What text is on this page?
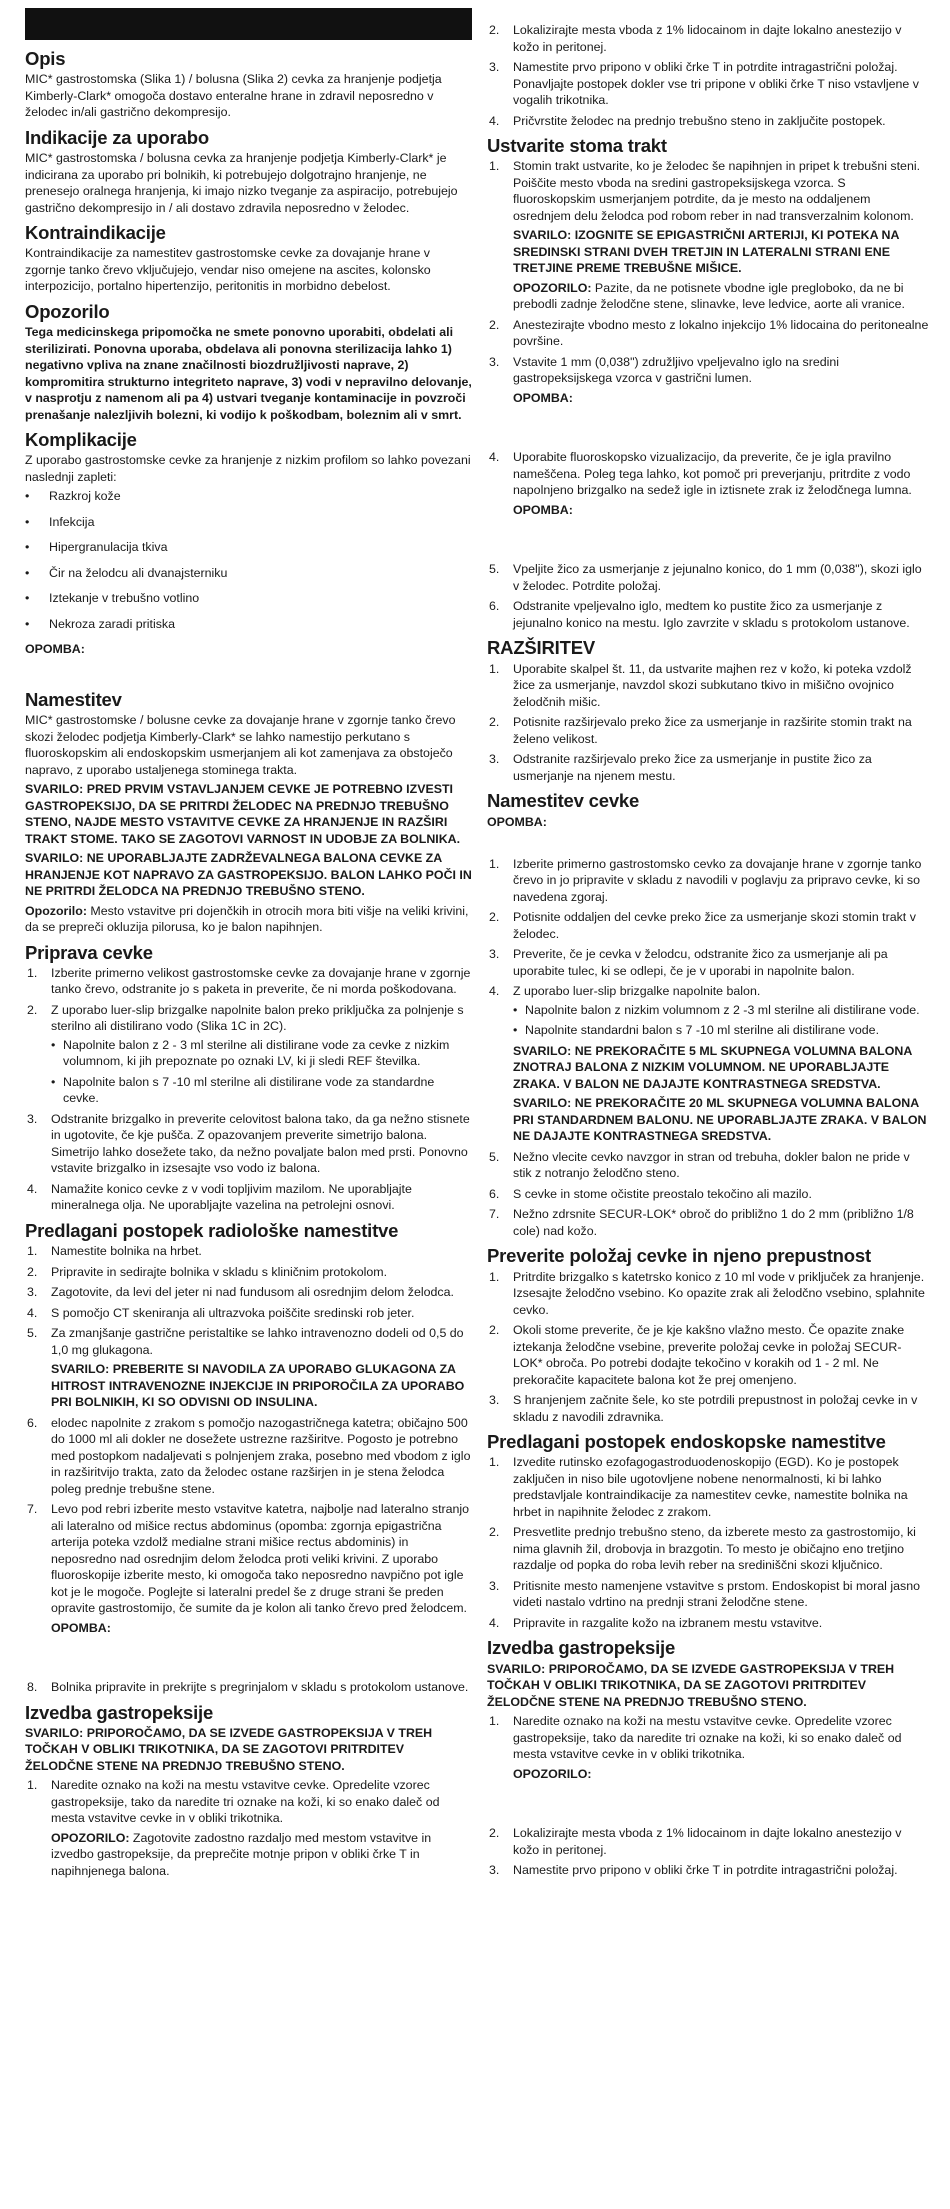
Opis

MIC* gastrostomska (Slika 1) / bolusna (Slika 2) cevka za hranjenje podjetja Kimberly-Clark* omogoča dostavo enteralne hrane in zdravil neposredno v želodec in/ali gastrično dekompresijo.

Indikacije za uporabo

MIC* gastrostomska / bolusna cevka za hranjenje podjetja Kimberly-Clark* je indicirana za uporabo pri bolnikih, ki potrebujejo dolgotrajno hranjenje, ne prenesejo oralnega hranjenja, ki imajo nizko tveganje za aspiracijo, potrebujejo gastrično dekompresijo in / ali dostavo zdravila neposredno v želodec.

Kontraindikacije

Kontraindikacije za namestitev gastrostomske cevke za dovajanje hrane v zgornje tanko črevo vključujejo, vendar niso omejene na ascites, kolonsko interpozicijo, portalno hipertenzijo, peritonitis in morbidno debelost.

Opozorilo

Tega medicinskega pripomočka ne smete ponovno uporabiti, obdelati ali sterilizirati. Ponovna uporaba, obdelava ali ponovna sterilizacija lahko 1) negativno vpliva na znane značilnosti biozdružljivosti naprave, 2) kompromitira strukturno integriteto naprave, 3) vodi v nepravilno delovanje, v nasprotju z namenom ali pa 4) ustvari tveganje kontaminacije in povzroči prenašanje nalezljivih bolezni, ki vodijo k poškodbam, boleznim ali v smrt.

Komplikacije

Z uporabo gastrostomske cevke za hranjenje z nizkim profilom so lahko povezani naslednji zapleti:

• Razkroj kože
• Infekcija
• Hipergranulacija tkiva
• Čir na želodcu ali dvanajsterniku
• Iztekanje v trebušno votlino
• Nekroza zaradi pritiska
OPOMBA:
Namestitev

MIC* gastrostomske / bolusne cevke za dovajanje hrane v zgornje tanko črevo skozi želodec podjetja Kimberly-Clark* se lahko namestijo perkutano s fluoroskopskim ali endoskopskim usmerjanjem ali kot zamenjava za obstoječo napravo, z uporabo ustaljenega stominega trakta.

SVARILO: PRED PRVIM VSTAVLJANJEM CEVKE JE POTREBNO IZVESTI GASTROPEKSIJO, DA SE PRITRDI ŽELODEC NA PREDNJO TREBUŠNO STENO, NAJDE MESTO VSTAVITVE CEVKE ZA HRANJENJE IN RAZŠIRI TRAKT STOME. TAKO SE ZAGOTOVI VARNOST IN UDOBJE ZA BOLNIKA.

SVARILO: NE UPORABLJAJTE ZADRŽEVALNEGA BALONA CEVKE ZA HRANJENJE KOT NAPRAVO ZA GASTROPEKSIJO. BALON LAHKO POČI IN NE PRITRDI ŽELODCA NA PREDNJO TREBUŠNO STENO.

Opozorilo: Mesto vstavitve pri dojenčkih in otrocih mora biti višje na veliki krivini, da se prepreči okluzija pilorusa, ko je balon napihnjen.

Priprava cevke
1. Izberite primerno velikost gastrostomske cevke za dovajanje hrane v zgornje tanko črevo, odstranite jo s paketa in preverite, če ni morda poškodovana.
2. Z uporabo luer-slip brizgalke napolnite balon preko priključka za polnjenje s sterilno ali distilirano vodo (Slika 1C in 2C).
• Napolnite balon z 2 - 3 ml sterilne ali distilirane vode za cevke z nizkim volumnom, ki jih prepoznate po oznaki LV, ki ji sledi REF številka.
• Napolnite balon s 7 -10 ml sterilne ali distilirane vode za standardne cevke.
3. Odstranite brizgalko in preverite celovitost balona tako, da ga nežno stisnete in ugotovite, če kje pušča. Z opazovanjem preverite simetrijo balona. Simetrijo lahko dosežete tako, da nežno povaljate balon med prsti. Ponovno vstavite brizgalko in izsesajte vso vodo iz balona.
4. Namažite konico cevke z v vodi topljivim mazilom. Ne uporabljajte mineralnega olja. Ne uporabljajte vazelina na petrolejni osnovi.
Predlagani postopek radiološke namestitve
1. Namestite bolnika na hrbet.
2. Pripravite in sedirajte bolnika v skladu s kliničnim protokolom.
3. Zagotovite, da levi del jeter ni nad fundusom ali osrednjim delom želodca.
4. S pomočjo CT skeniranja ali ultrazvoka poiščite sredinski rob jeter.
5. Za zmanjšanje gastrične peristaltike se lahko intravenozno dodeli od 0,5 do 1,0 mg glukagona.
SVARILO: PREBERITE SI NAVODILA ZA UPORABO GLUKAGONA ZA HITROST INTRAVENOZNE INJEKCIJE IN PRIPOROČILA ZA UPORABO PRI BOLNIKIH, KI SO ODVISNI OD INSULINA.
6. elodec napolnite z zrakom s pomočjo nazogastričnega katetra; običajno 500 do 1000 ml ali dokler ne dosežete ustrezne razširitve. Pogosto je potrebno med postopkom nadaljevati s polnjenjem zraka, posebno med vbodom z iglo in razširitvijo trakta, zato da želodec ostane razširjen in je stena želodca poleg prednje trebušne stene.
7. Levo pod rebri izberite mesto vstavitve katetra, najbolje nad lateralno stranjo ali lateralno od mišice rectus abdominus (opomba: zgornja epigastrična arterija poteka vzdolž medialne strani mišice rectus abdominis) in neposredno nad osrednjim delom želodca proti veliki krivini. Z uporabo fluoroskopije izberite mesto, ki omogoča tako neposredno navpično pot igle kot je le mogoče. Poglejte si lateralni predel še z druge strani še preden opravite gastrostomijo, če sumite da je kolon ali tanko črevo pred želodcem.
OPOMBA:
8. Bolnika pripravite in prekrijte s pregrinjalom v skladu s protokolom ustanove.
Izvedba gastropeksije

SVARILO: PRIPOROČAMO, DA SE IZVEDE GASTROPEKSIJA V TREH TOČKAH V OBLIKI TRIKOTNIKA, DA SE ZAGOTOVI PRITRDITEV ŽELODČNE STENE NA PREDNJO TREBUŠNO STENO.

1. Naredite oznako na koži na mestu vstavitve cevke. Opredelite vzorec gastropeksije, tako da naredite tri oznake na koži, ki so enako daleč od mesta vstavitve cevke in v obliki trikotnika.
OPOZORILO: Zagotovite zadostno razdaljo med mestom vstavitve in izvedbo gastropeksije, da preprečite motnje pripon v obliki črke T in napihnjenega balona.
2. Lokalizirajte mesta vboda z 1% lidocainom in dajte lokalno anestezijo v kožo in peritonej.
3. Namestite prvo pripono v obliki črke T in potrdite intragastrični položaj. Ponavljajte postopek dokler vse tri pripone v obliki črke T niso vstavljene v vogalih trikotnika.
4. Pričvrstite želodec na prednjo trebušno steno in zaključite postopek.
Ustvarite stoma trakt
1. Stomin trakt ustvarite, ko je želodec še napihnjen in pripet k trebušni steni. Poiščite mesto vboda na sredini gastropeksijskega vzorca. S fluoroskopskim usmerjanjem potrdite, da je mesto na oddaljenem osrednjem delu želodca pod robom reber in nad transverzalnim kolonom.
SVARILO: IZOGNITE SE EPIGASTRIČNI ARTERIJI, KI POTEKA NA SREDINSKI STRANI DVEH TRETJIN IN LATERALNI STRANI ENE TRETJINE PREME TREBUŠNE MIŠICE.
OPOZORILO: Pazite, da ne potisnete vbodne igle pregloboko, da ne bi prebodli zadnje želodčne stene, slinavke, leve ledvice, aorte ali vranice.
2. Anestezirajte vbodno mesto z lokalno injekcijo 1% lidocaina do peritonealne površine.
3. Vstavite 1 mm (0,038") združljivo vpeljevalno iglo na sredini gastropeksijskega vzorca v gastrični lumen.
OPOMBA:
4. Uporabite fluoroskopsko vizualizacijo, da preverite, če je igla pravilno nameščena. Poleg tega lahko, kot pomoč pri preverjanju, pritrdite z vodo napolnjeno brizgalko na sedež igle in iztisnete zrak iz želodčnega lumna.
OPOMBA:
5. Vpeljite žico za usmerjanje z jejunalno konico, do 1 mm (0,038"), skozi iglo v želodec. Potrdite položaj.
6. Odstranite vpeljevalno iglo, medtem ko pustite žico za usmerjanje z jejunalno konico na mestu. Iglo zavrzite v skladu s protokolom ustanove.
RAZŠIRITEV
1. Uporabite skalpel št. 11, da ustvarite majhen rez v kožo, ki poteka vzdolž žice za usmerjanje, navzdol skozi subkutano tkivo in mišično ovojnico želodčnih mišic.
2. Potisnite razširjevalo preko žice za usmerjanje in razširite stomin trakt na želeno velikost.
3. Odstranite razširjevalo preko žice za usmerjanje in pustite žico za usmerjanje na njenem mestu.
Namestitev cevke
OPOMBA:
1. Izberite primerno gastrostomsko cevko za dovajanje hrane v zgornje tanko črevo in jo pripravite v skladu z navodili v poglavju za pripravo cevke, ki so navedena zgoraj.
2. Potisnite oddaljen del cevke preko žice za usmerjanje skozi stomin trakt v želodec.
3. Preverite, če je cevka v želodcu, odstranite žico za usmerjanje ali pa uporabite tulec, ki se odlepi, če je v uporabi in napolnite balon.
4. Z uporabo luer-slip brizgalke napolnite balon.
• Napolnite balon z nizkim volumnom z 2 -3 ml sterilne ali distilirane vode.
• Napolnite standardni balon s 7 -10 ml sterilne ali distilirane vode.
SVARILO: NE PREKORAČITE 5 ML SKUPNEGA VOLUMNA BALONA ZNOTRAJ BALONA Z NIZKIM VOLUMNOM. NE UPORABLJAJTE ZRAKA. V BALON NE DAJAJTE KONTRASTNEGA SREDSTVA.
SVARILO: NE PREKORAČITE 20 ML SKUPNEGA VOLUMNA BALONA PRI STANDARDNEM BALONU. NE UPORABLJAJTE ZRAKA. V BALON NE DAJAJTE KONTRASTNEGA SREDSTVA.
5. Nežno vlecite cevko navzgor in stran od trebuha, dokler balon ne pride v stik z notranjo želodčno steno.
6. S cevke in stome očistite preostalo tekočino ali mazilo.
7. Nežno zdrsnite SECUR-LOK* obroč do približno 1 do 2 mm (približno 1/8 cole) nad kožo.
Preverite položaj cevke in njeno prepustnost
1. Pritrdite brizgalko s katetrsko konico z 10 ml vode v priključek za hranjenje. Izsesajte želodčno vsebino. Ko opazite zrak ali želodčno vsebino, splahnite cevko.
2. Okoli stome preverite, če je kje kakšno vlažno mesto. Če opazite znake iztekanja želodčne vsebine, preverite položaj cevke in položaj SECUR-LOK* obroča. Po potrebi dodajte tekočino v korakih od 1 - 2 ml. Ne prekoračite kapacitete balona kot že prej omenjeno.
3. S hranjenjem začnite šele, ko ste potrdili prepustnost in položaj cevke in v skladu z navodili zdravnika.
Predlagani postopek endoskopske namestitve
1. Izvedite rutinsko ezofagogastroduodenoskopijo (EGD). Ko je postopek zaključen in niso bile ugotovljene nobene nenormalnosti, ki bi lahko predstavljale kontraindikacije za namestitev cevke, namestite bolnika na hrbet in napihnite želodec z zrakom.
2. Presvetlite prednjo trebušno steno, da izberete mesto za gastrostomijo, ki nima glavnih žil, drobovja in brazgotin. To mesto je običajno eno tretjino razdalje od popka do roba levih reber na srediniščni skozi ključnico.
3. Pritisnite mesto namenjene vstavitve s prstom. Endoskopist bi moral jasno videti nastalo vdrtino na prednji strani želodčne stene.
4. Pripravite in razgalite kožo na izbranem mestu vstavitve.
Izvedba gastropeksije

SVARILO: PRIPOROČAMO, DA SE IZVEDE GASTROPEKSIJA V TREH TOČKAH V OBLIKI TRIKOTNIKA, DA SE ZAGOTOVI PRITRDITEV ŽELODČNE STENE NA PREDNJO TREBUŠNO STENO.

1. Naredite oznako na koži na mestu vstavitve cevke. Opredelite vzorec gastropeksije, tako da naredite tri oznake na koži, ki so enako daleč od mesta vstavitve cevke in v obliki trikotnika.
OPOZORILO:
2. Lokalizirajte mesta vboda z 1% lidocainom in dajte lokalno anestezijo v kožo in peritonej.
3. Namestite prvo pripono v obliki črke T in potrdite intragastrični položaj.
